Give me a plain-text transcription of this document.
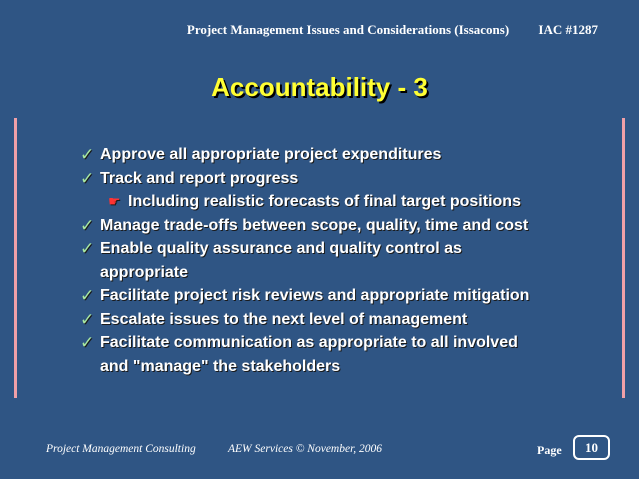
Project Management Issues and Considerations (Issacons) IAC #1287
Accountability - 3
✓ Approve all appropriate project expenditures
✓ Track and report progress
☛ Including realistic forecasts of final target positions
✓ Manage trade-offs between scope, quality, time and cost
✓ Enable quality assurance and quality control as
appropriate
✓ Facilitate project risk reviews and appropriate mitigation
✓ Escalate issues to the next level of management
✓ Facilitate communication as appropriate to all involved
and "manage" the stakeholders
Project Management Consulting	AEW Services © November, 2006	Page	10
